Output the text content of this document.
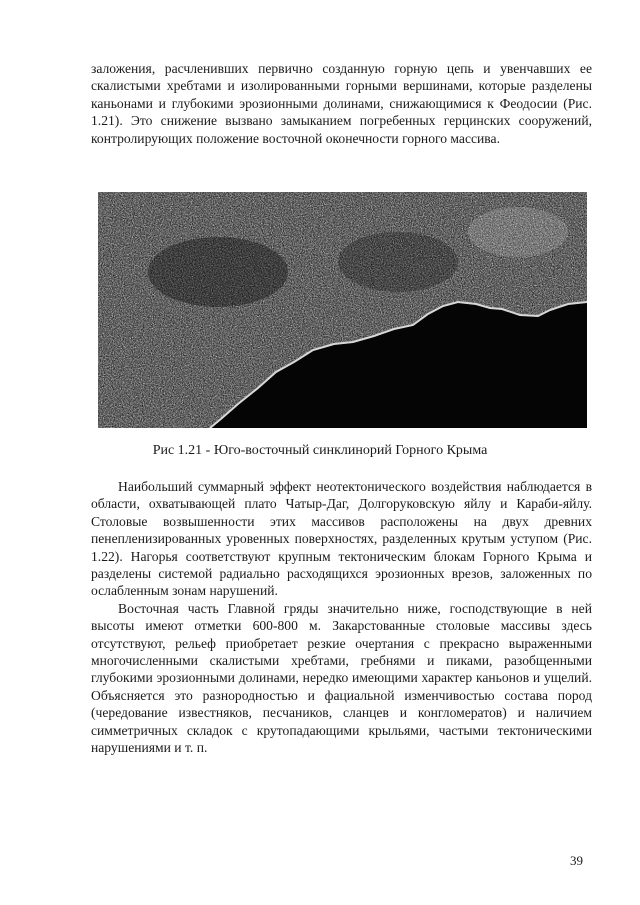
заложения, расчленивших первично созданную горную цепь и увенчавших ее скалистыми хребтами и изолированными горными вершинами, которые разделены каньонами и глубокими эрозионными долинами, снижающимися к Феодосии (Рис. 1.21). Это снижение вызвано замыканием погребенных герцинских сооружений, контролирующих положение восточной оконечности горного массива.

Рис 1.21 - Юго-восточный синклинорий Горного Крыма

Наибольший суммарный эффект неотектонического воздействия наблюдается в области, охватывающей плато Чатыр-Даг, Долгоруковскую яйлу и Караби-яйлу. Столовые возвышенности этих массивов расположены на двух древних пенепленизированных уровенных поверхностях, разделенных крутым уступом (Рис. 1.22). Нагорья соответствуют крупным тектоническим блокам Горного Крыма и разделены системой радиально расходящихся эрозионных врезов, заложенных по ослабленным зонам нарушений.

Восточная часть Главной гряды значительно ниже, господствующие в ней высоты имеют отметки 600-800 м. Закарстованные столовые массивы здесь отсутствуют, рельеф приобретает резкие очертания с прекрасно выраженными многочисленными скалистыми хребтами, гребнями и пиками, разобщенными глубокими эрозионными долинами, нередко имеющими характер каньонов и ущелий. Объясняется это разнородностью и фациальной изменчивостью состава пород (чередование известняков, песчаников, сланцев и конгломератов) и наличием симметричных складок с крутопадающими крыльями, частыми тектоническими нарушениями и т. п.

39
